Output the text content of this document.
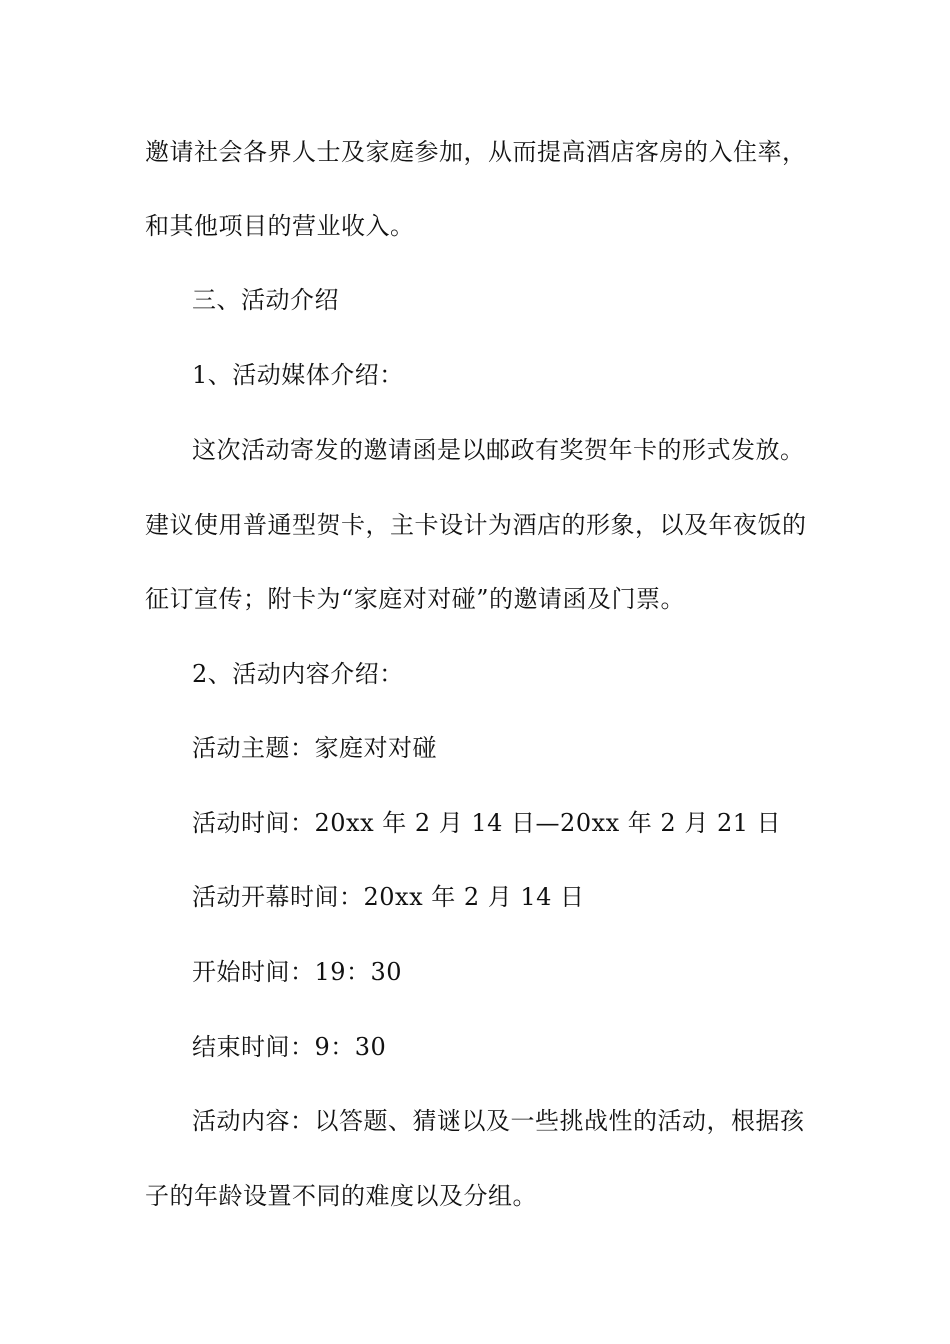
邀请社会各界人士及家庭参加，从而提高酒店客房的入住率，
和其他项目的营业收入。
三、活动介绍
1、活动媒体介绍：
这次活动寄发的邀请函是以邮政有奖贺年卡的形式发放。
建议使用普通型贺卡，主卡设计为酒店的形象，以及年夜饭的
征订宣传；附卡为“家庭对对碰”的邀请函及门票。
2、活动内容介绍：
活动主题：家庭对对碰
活动时间：20xx 年 2 月 14 日—20xx 年 2 月 21 日
活动开幕时间：20xx 年 2 月 14 日
开始时间：19：30
结束时间：9：30
活动内容：以答题、猜谜以及一些挑战性的活动，根据孩
子的年龄设置不同的难度以及分组。
